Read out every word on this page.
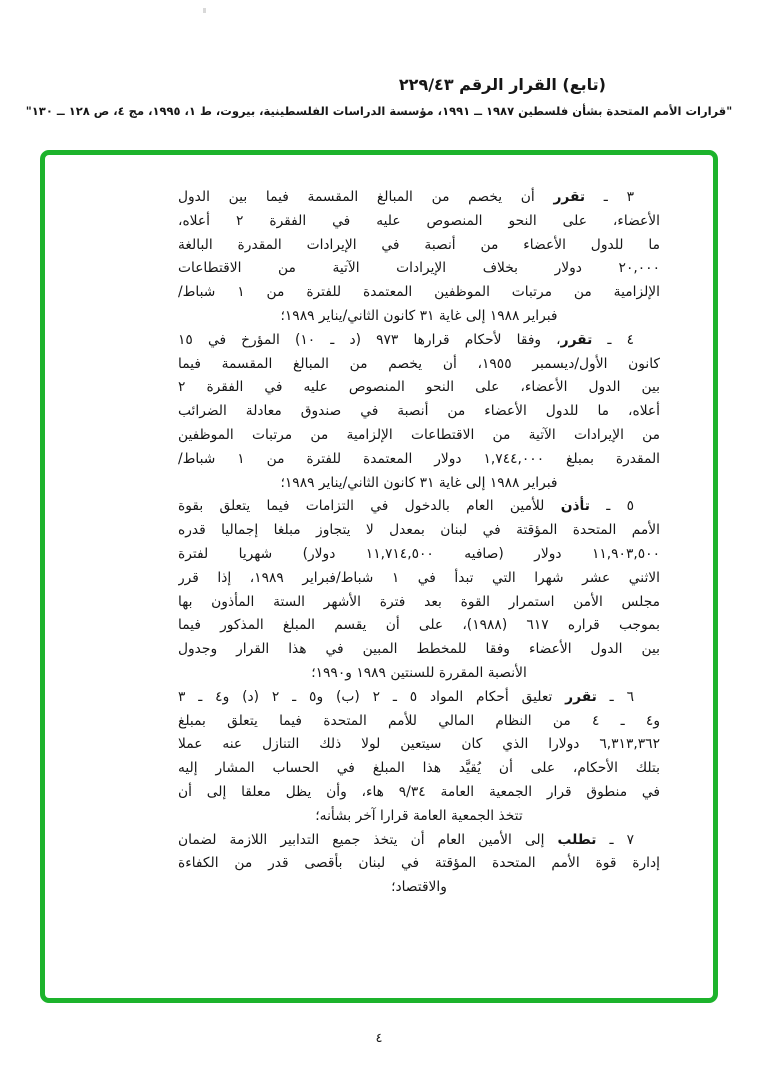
(تابع) القرار الرقم ٢٢٩/٤٣
"قرارات الأمم المتحدة بشأن فلسطين ١٩٨٧ ــ ١٩٩١، مؤسسة الدراسات الفلسطينية، بيروت، ط ١، ١٩٩٥، مج ٤، ص ١٢٨ ــ ١٣٠"
٣ ـ تقرر أن يخصم من المبالغ المقسمة فيما بين الدول
الأعضاء، على النحو المنصوص عليه في الفقرة ٢ أعلاه،
ما للدول الأعضاء من أنصبة في الإيرادات المقدرة البالغة
٢٠,٠٠٠ دولار بخلاف الإيرادات الآتية من الاقتطاعات
الإلزامية من مرتبات الموظفين المعتمدة للفترة من ١ شباط/
فبراير ١٩٨٨ إلى غاية ٣١ كانون الثاني/يناير ١٩٨٩؛
٤ ـ تقرر، وفقا لأحكام قرارها ٩٧٣ (د ـ ١٠) المؤرخ في ١٥
كانون الأول/ديسمبر ١٩٥٥، أن يخصم من المبالغ المقسمة فيما
بين الدول الأعضاء، على النحو المنصوص عليه في الفقرة ٢
أعلاه، ما للدول الأعضاء من أنصبة في صندوق معادلة الضرائب
من الإيرادات الآتية من الاقتطاعات الإلزامية من مرتبات الموظفين
المقدرة بمبلغ ١,٧٤٤,٠٠٠ دولار المعتمدة للفترة من ١ شباط/
فبراير ١٩٨٨ إلى غاية ٣١ كانون الثاني/يناير ١٩٨٩؛
٥ ـ تأذن للأمين العام بالدخول في التزامات فيما يتعلق بقوة
الأمم المتحدة المؤقتة في لبنان بمعدل لا يتجاوز مبلغا إجماليا قدره
١١,٩٠٣,٥٠٠ دولار (صافيه ١١,٧١٤,٥٠٠ دولار) شهريا لفترة
الاثني عشر شهرا التي تبدأ في ١ شباط/فبراير ١٩٨٩، إذا قرر
مجلس الأمن استمرار القوة بعد فترة الأشهر الستة المأذون بها
بموجب قراره ٦١٧ (١٩٨٨)، على أن يقسم المبلغ المذكور فيما
بين الدول الأعضاء وفقا للمخطط المبين في هذا القرار وجدول
الأنصبة المقررة للسنتين ١٩٨٩ و١٩٩٠؛
٦ ـ تقرر تعليق أحكام المواد ٥ ـ ٢ (ب) و٥ ـ ٢ (د) و٤ ـ ٣
و٤ ـ ٤ من النظام المالي للأمم المتحدة فيما يتعلق بمبلغ
٦,٣١٣,٣٦٢ دولارا الذي كان سيتعين لولا ذلك التنازل عنه عملا
بتلك الأحكام، على أن يُقيَّد هذا المبلغ في الحساب المشار إليه
في منطوق قرار الجمعية العامة ٩/٣٤ هاء، وأن يظل معلقا إلى أن
تتخذ الجمعية العامة قرارا آخر بشأنه؛
٧ ـ تطلب إلى الأمين العام أن يتخذ جميع التدابير اللازمة لضمان
إدارة قوة الأمم المتحدة المؤقتة في لبنان بأقصى قدر من الكفاءة
والاقتصاد؛
٤
